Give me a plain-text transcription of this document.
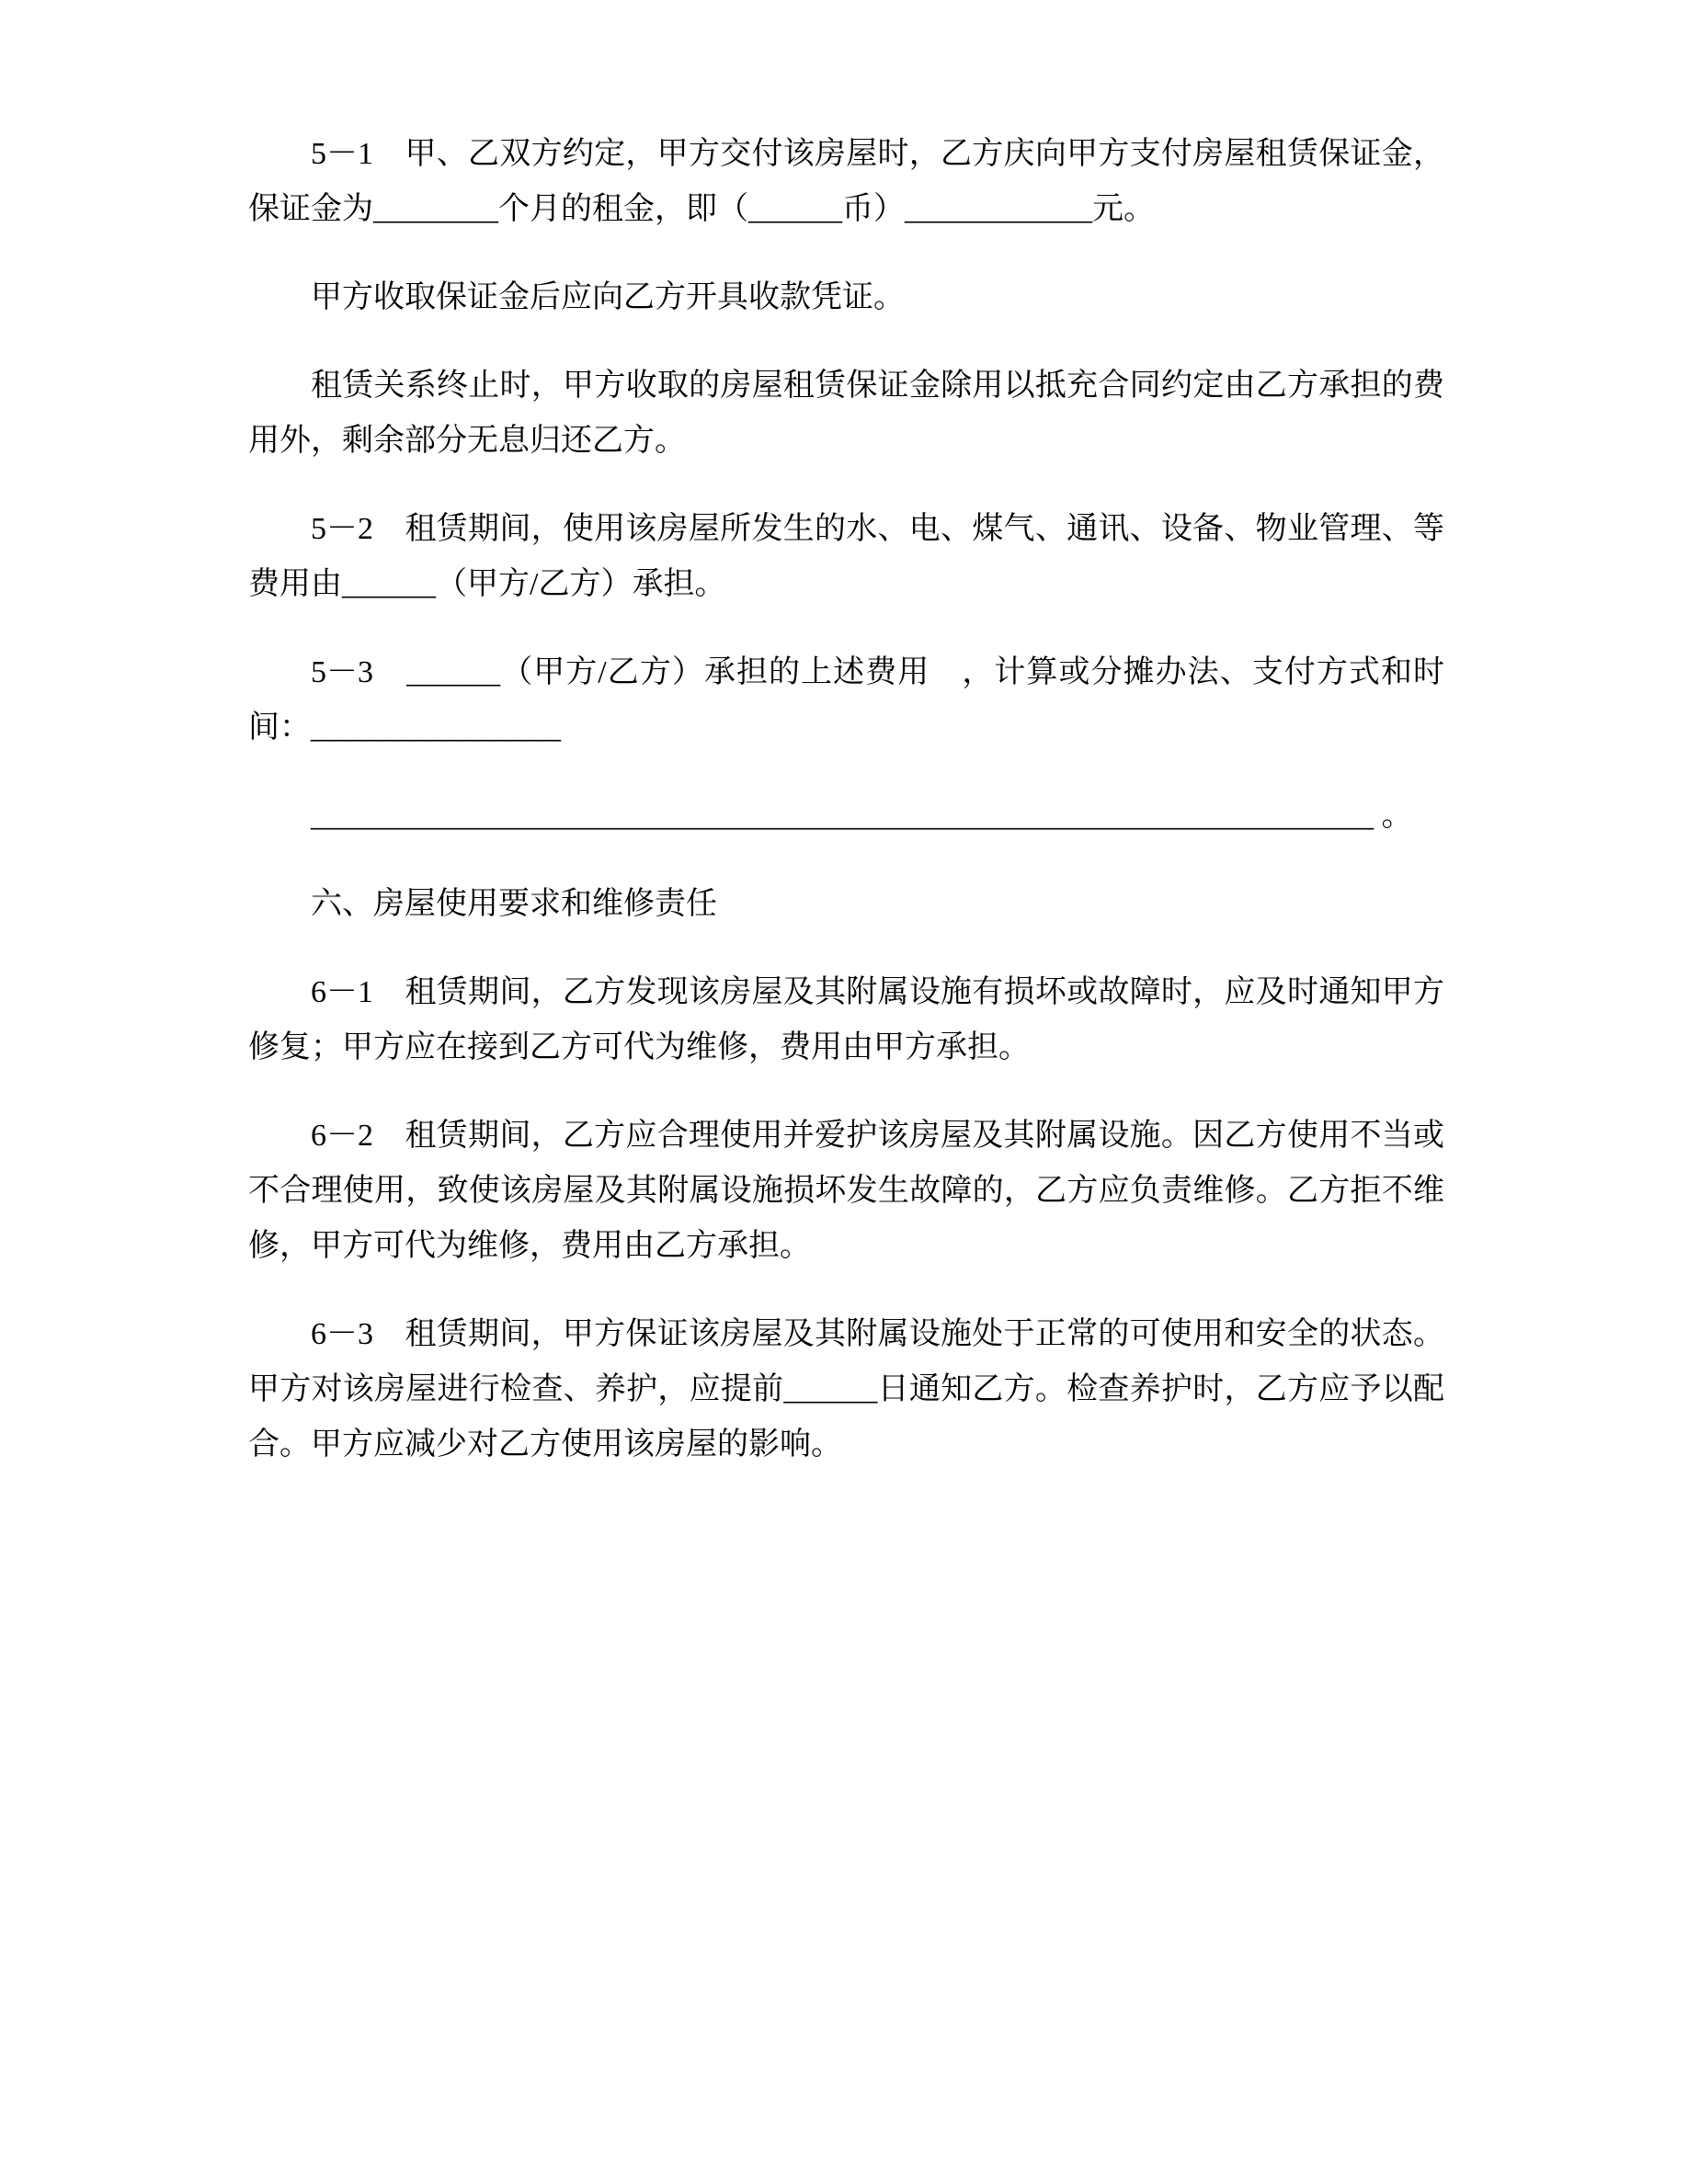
5－1　甲、乙双方约定，甲方交付该房屋时，乙方庆向甲方支付房屋租赁保证金，保证金为________个月的租金，即（______币）____________元。

甲方收取保证金后应向乙方开具收款凭证。

租赁关系终止时，甲方收取的房屋租赁保证金除用以抵充合同约定由乙方承担的费用外，剩余部分无息归还乙方。

5－2　租赁期间，使用该房屋所发生的水、电、煤气、通讯、设备、物业管理、等费用由______（甲方/乙方）承担。

5－3　______（甲方/乙方）承担的上述费用　，计算或分摊办法、支付方式和时间：________________

____________________________________________________________________ 。

六、房屋使用要求和维修责任

6－1　租赁期间，乙方发现该房屋及其附属设施有损坏或故障时，应及时通知甲方修复；甲方应在接到乙方可代为维修，费用由甲方承担。

6－2　租赁期间，乙方应合理使用并爱护该房屋及其附属设施。因乙方使用不当或不合理使用，致使该房屋及其附属设施损坏发生故障的，乙方应负责维修。乙方拒不维修，甲方可代为维修，费用由乙方承担。

6－3　租赁期间，甲方保证该房屋及其附属设施处于正常的可使用和安全的状态。甲方对该房屋进行检查、养护，应提前______日通知乙方。检查养护时，乙方应予以配合。甲方应减少对乙方使用该房屋的影响。
